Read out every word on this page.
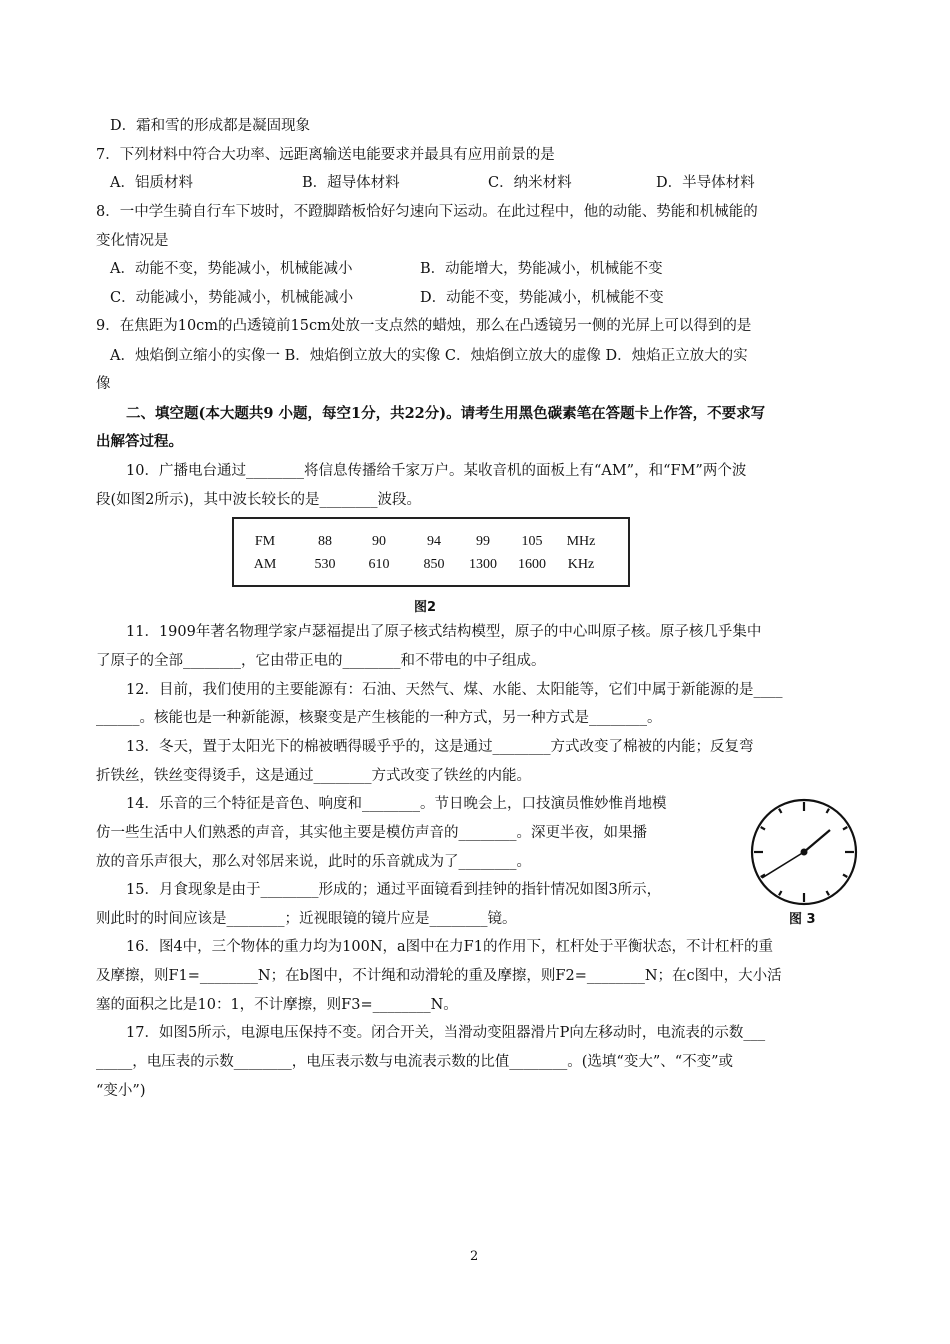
D．霜和雪的形成都是凝固现象
7．下列材料中符合大功率、远距离输送电能要求并最具有应用前景的是
A．铝质材料	B．超导体材料	C．纳米材料	D．半导体材料
8．一中学生骑自行车下坡时，不蹬脚踏板恰好匀速向下运动。在此过程中，他的动能、势能和机械能的
变化情况是
A．动能不变，势能减小，机械能减小	B．动能增大，势能减小，机械能不变
C．动能减小，势能减小，机械能减小	D．动能不变，势能减小，机械能不变
9．在焦距为10cm的凸透镜前15cm处放一支点然的蜡烛，那么在凸透镜另一侧的光屏上可以得到的是
A．烛焰倒立缩小的实像一 B．烛焰倒立放大的实像 C．烛焰倒立放大的虚像 D．烛焰正立放大的实
像
二、填空题(本大题共9 小题，每空1分，共22分)。请考生用黑色碳素笔在答题卡上作答，不要求写
出解答过程。
10．广播电台通过________将信息传播给千家万户。某收音机的面板上有“AM”，和“FM”两个波
段(如图2所示)，其中波长较长的是________波段。
FM	88	90	94	99	105	MHz
AM	530	610	850	1300	1600	KHz
图2
11．1909年著名物理学家卢瑟福提出了原子核式结构模型，原子的中心叫原子核。原子核几乎集中
了原子的全部________，它由带正电的________和不带电的中子组成。
12．目前，我们使用的主要能源有：石油、天然气、煤、水能、太阳能等，它们中属于新能源的是____
______。核能也是一种新能源，核聚变是产生核能的一种方式，另一种方式是________。
13．冬天，置于太阳光下的棉被晒得暖乎乎的，这是通过________方式改变了棉被的内能；反复弯
折铁丝，铁丝变得烫手，这是通过________方式改变了铁丝的内能。
14．乐音的三个特征是音色、响度和________。节日晚会上，口技演员惟妙惟肖地模
仿一些生活中人们熟悉的声音，其实他主要是模仿声音的________。深更半夜，如果播
放的音乐声很大，那么对邻居来说，此时的乐音就成为了________。
15．月食现象是由于________形成的；通过平面镜看到挂钟的指针情况如图3所示，
则此时的时间应该是________；近视眼镜的镜片应是________镜。	图 3
16．图4中，三个物体的重力均为100N，a图中在力F1的作用下，杠杆处于平衡状态，不计杠杆的重
及摩擦，则F1=________N；在b图中，不计绳和动滑轮的重及摩擦，则F2=________N；在c图中，大小活
塞的面积之比是10：1，不计摩擦，则F3=________N。
17．如图5所示，电源电压保持不变。闭合开关，当滑动变阻器滑片P向左移动时，电流表的示数___
_____，电压表的示数________，电压表示数与电流表示数的比值________。(选填“变大”、“不变”或
“变小”)
2
